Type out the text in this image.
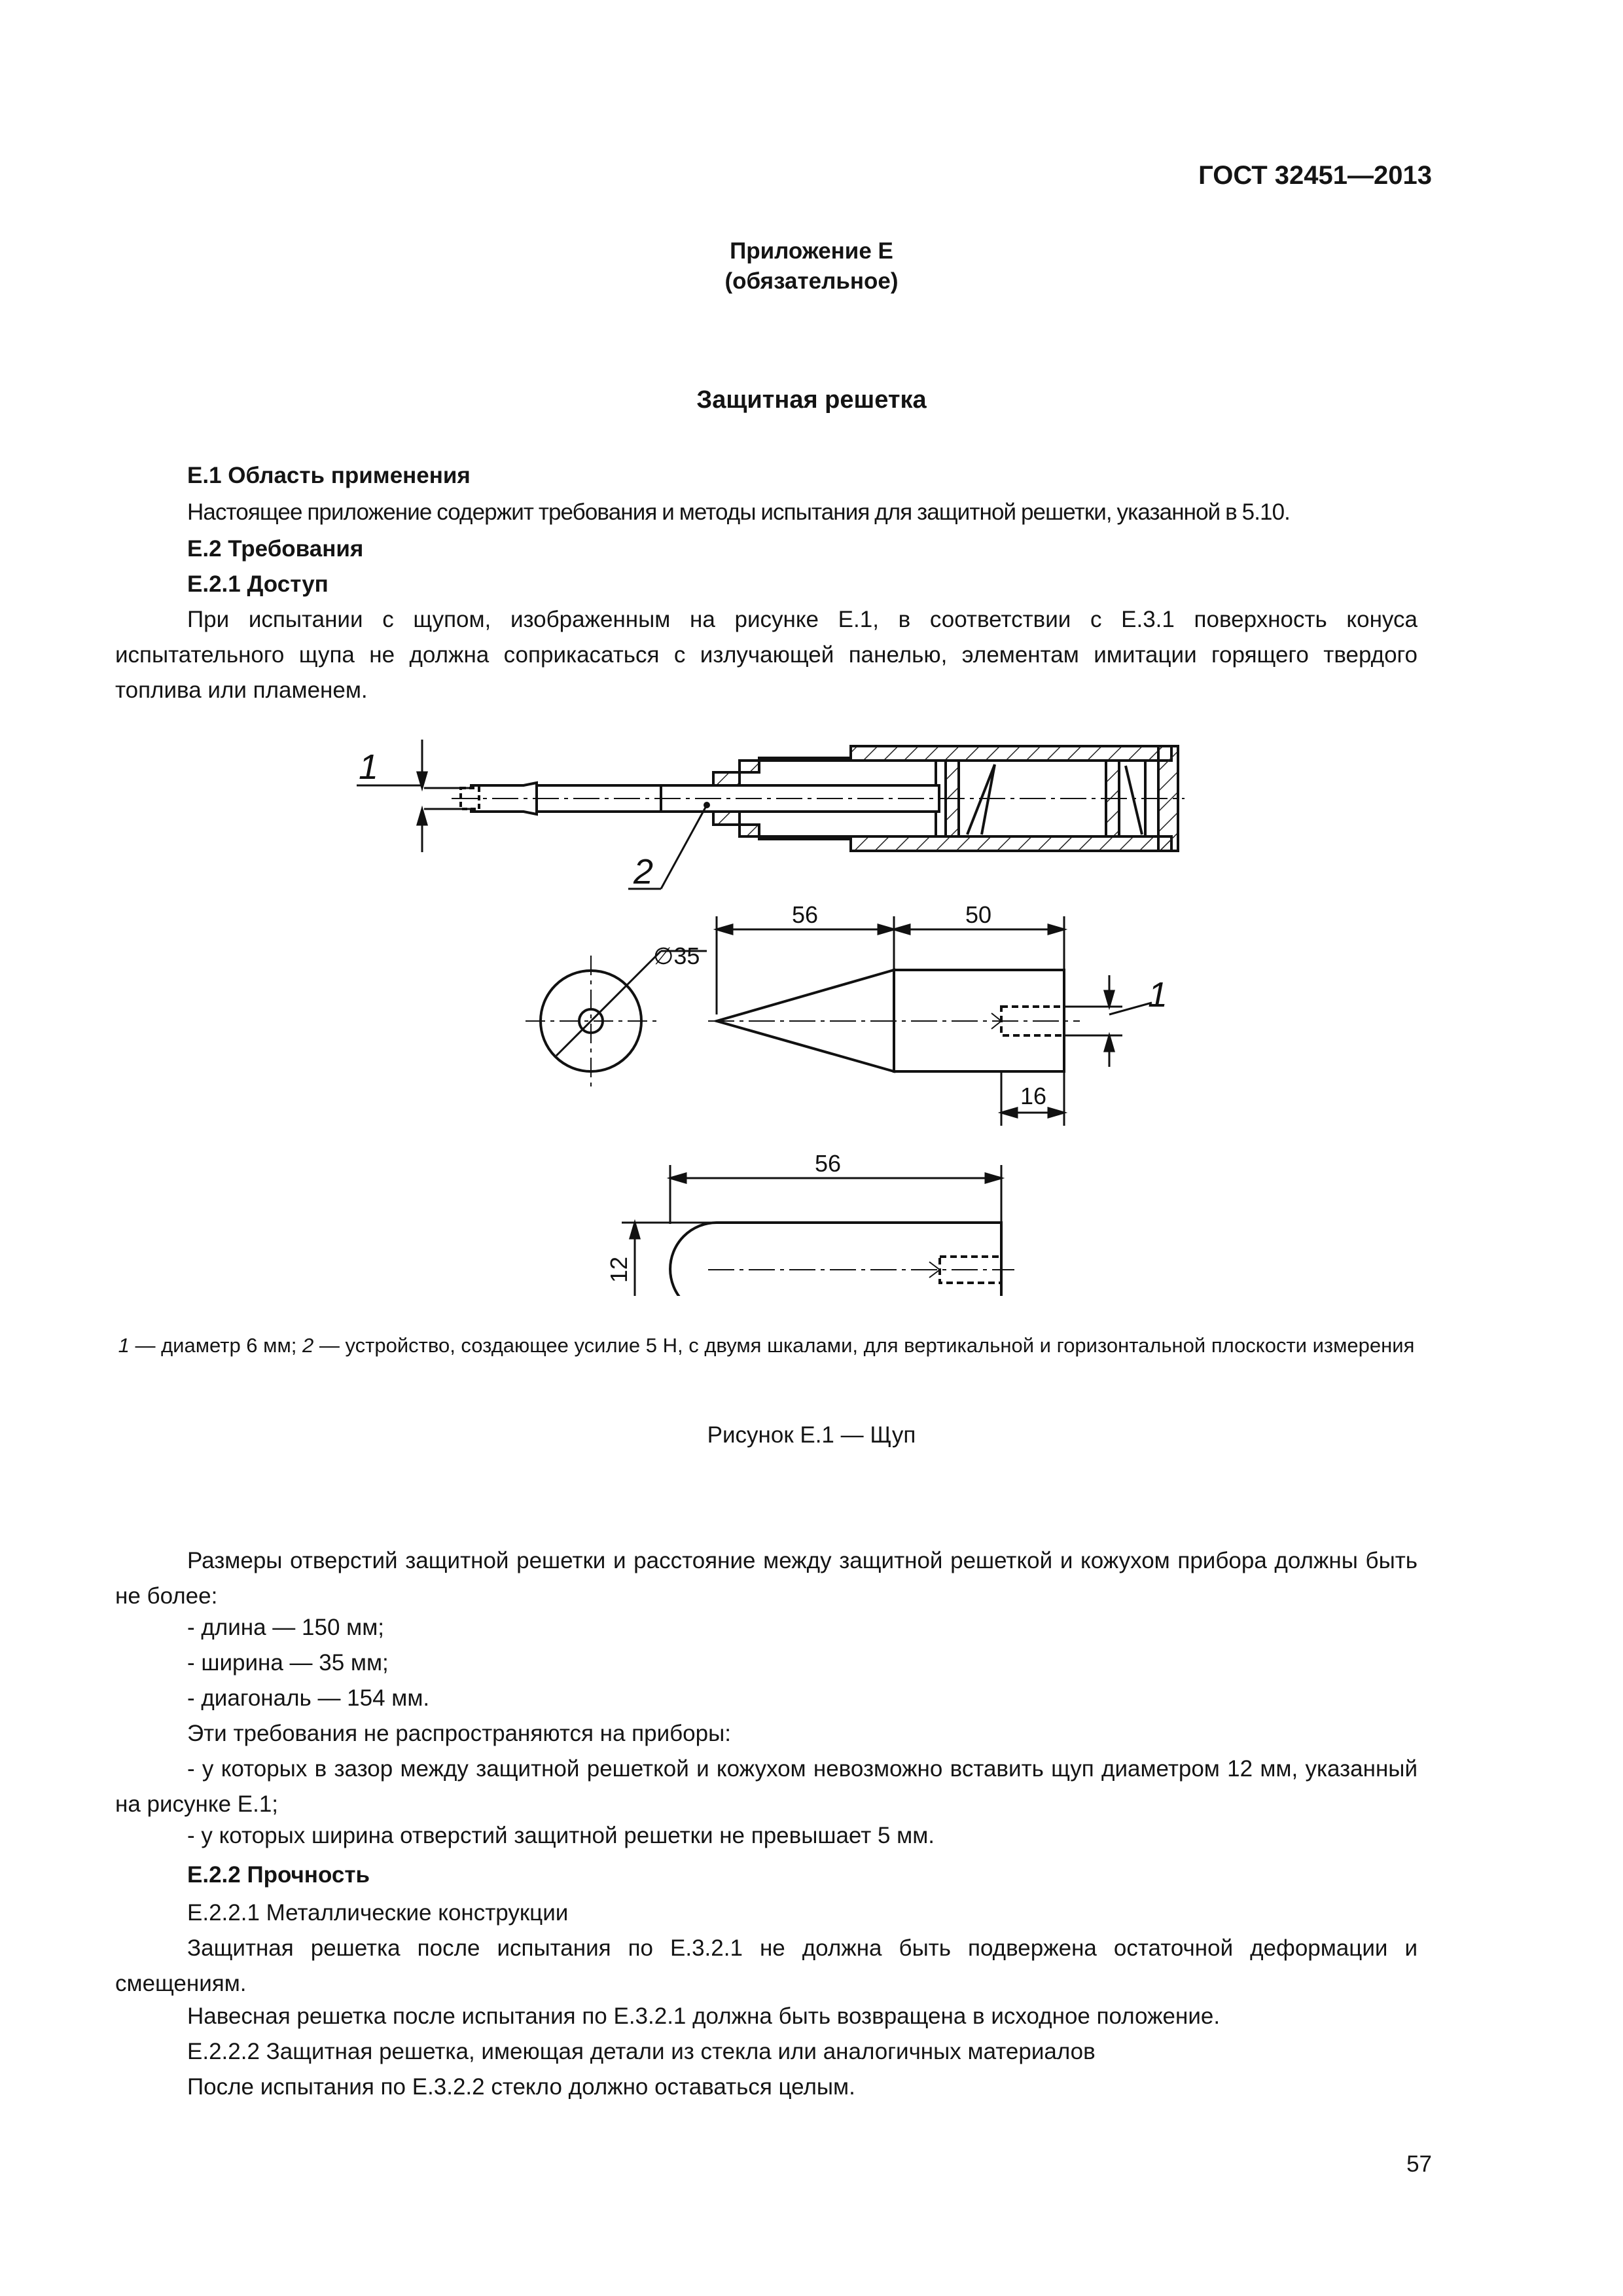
ГОСТ 32451—2013
Приложение Е
(обязательное)
Защитная решетка
Е.1 Область применения
Настоящее приложение содержит требования и методы испытания для защитной решетки, указанной в 5.10.
Е.2 Требования
Е.2.1 Доступ
При испытании с щупом, изображенным на рисунке Е.1, в соответствии с Е.3.1 поверхность конуса испытательного щупа не должна соприкасаться с излучающей панелью, элементам имитации горящего твердого топлива или пламенем.
1
2
∅35
56	50
16
1
56
12
1 — диаметр 6 мм; 2 — устройство, создающее усилие 5 Н, с двумя шкалами, для вертикальной и горизонтальной плоскости измерения
Рисунок Е.1 — Щуп
Размеры отверстий защитной решетки и расстояние между защитной решеткой и кожухом прибора должны быть не более:
- длина — 150 мм;
- ширина — 35 мм;
- диагональ — 154 мм.
Эти требования не распространяются на приборы:
- у которых в зазор между защитной решеткой и кожухом невозможно вставить щуп диаметром 12 мм, указанный на рисунке Е.1;
- у которых ширина отверстий защитной решетки не превышает 5 мм.
Е.2.2 Прочность
Е.2.2.1 Металлические конструкции
Защитная решетка после испытания по Е.3.2.1 не должна быть подвержена остаточной деформации и смещениям.
Навесная решетка после испытания по Е.3.2.1 должна быть возвращена в исходное положение.
Е.2.2.2 Защитная решетка, имеющая детали из стекла или аналогичных материалов
После испытания по Е.3.2.2 стекло должно оставаться целым.
57
